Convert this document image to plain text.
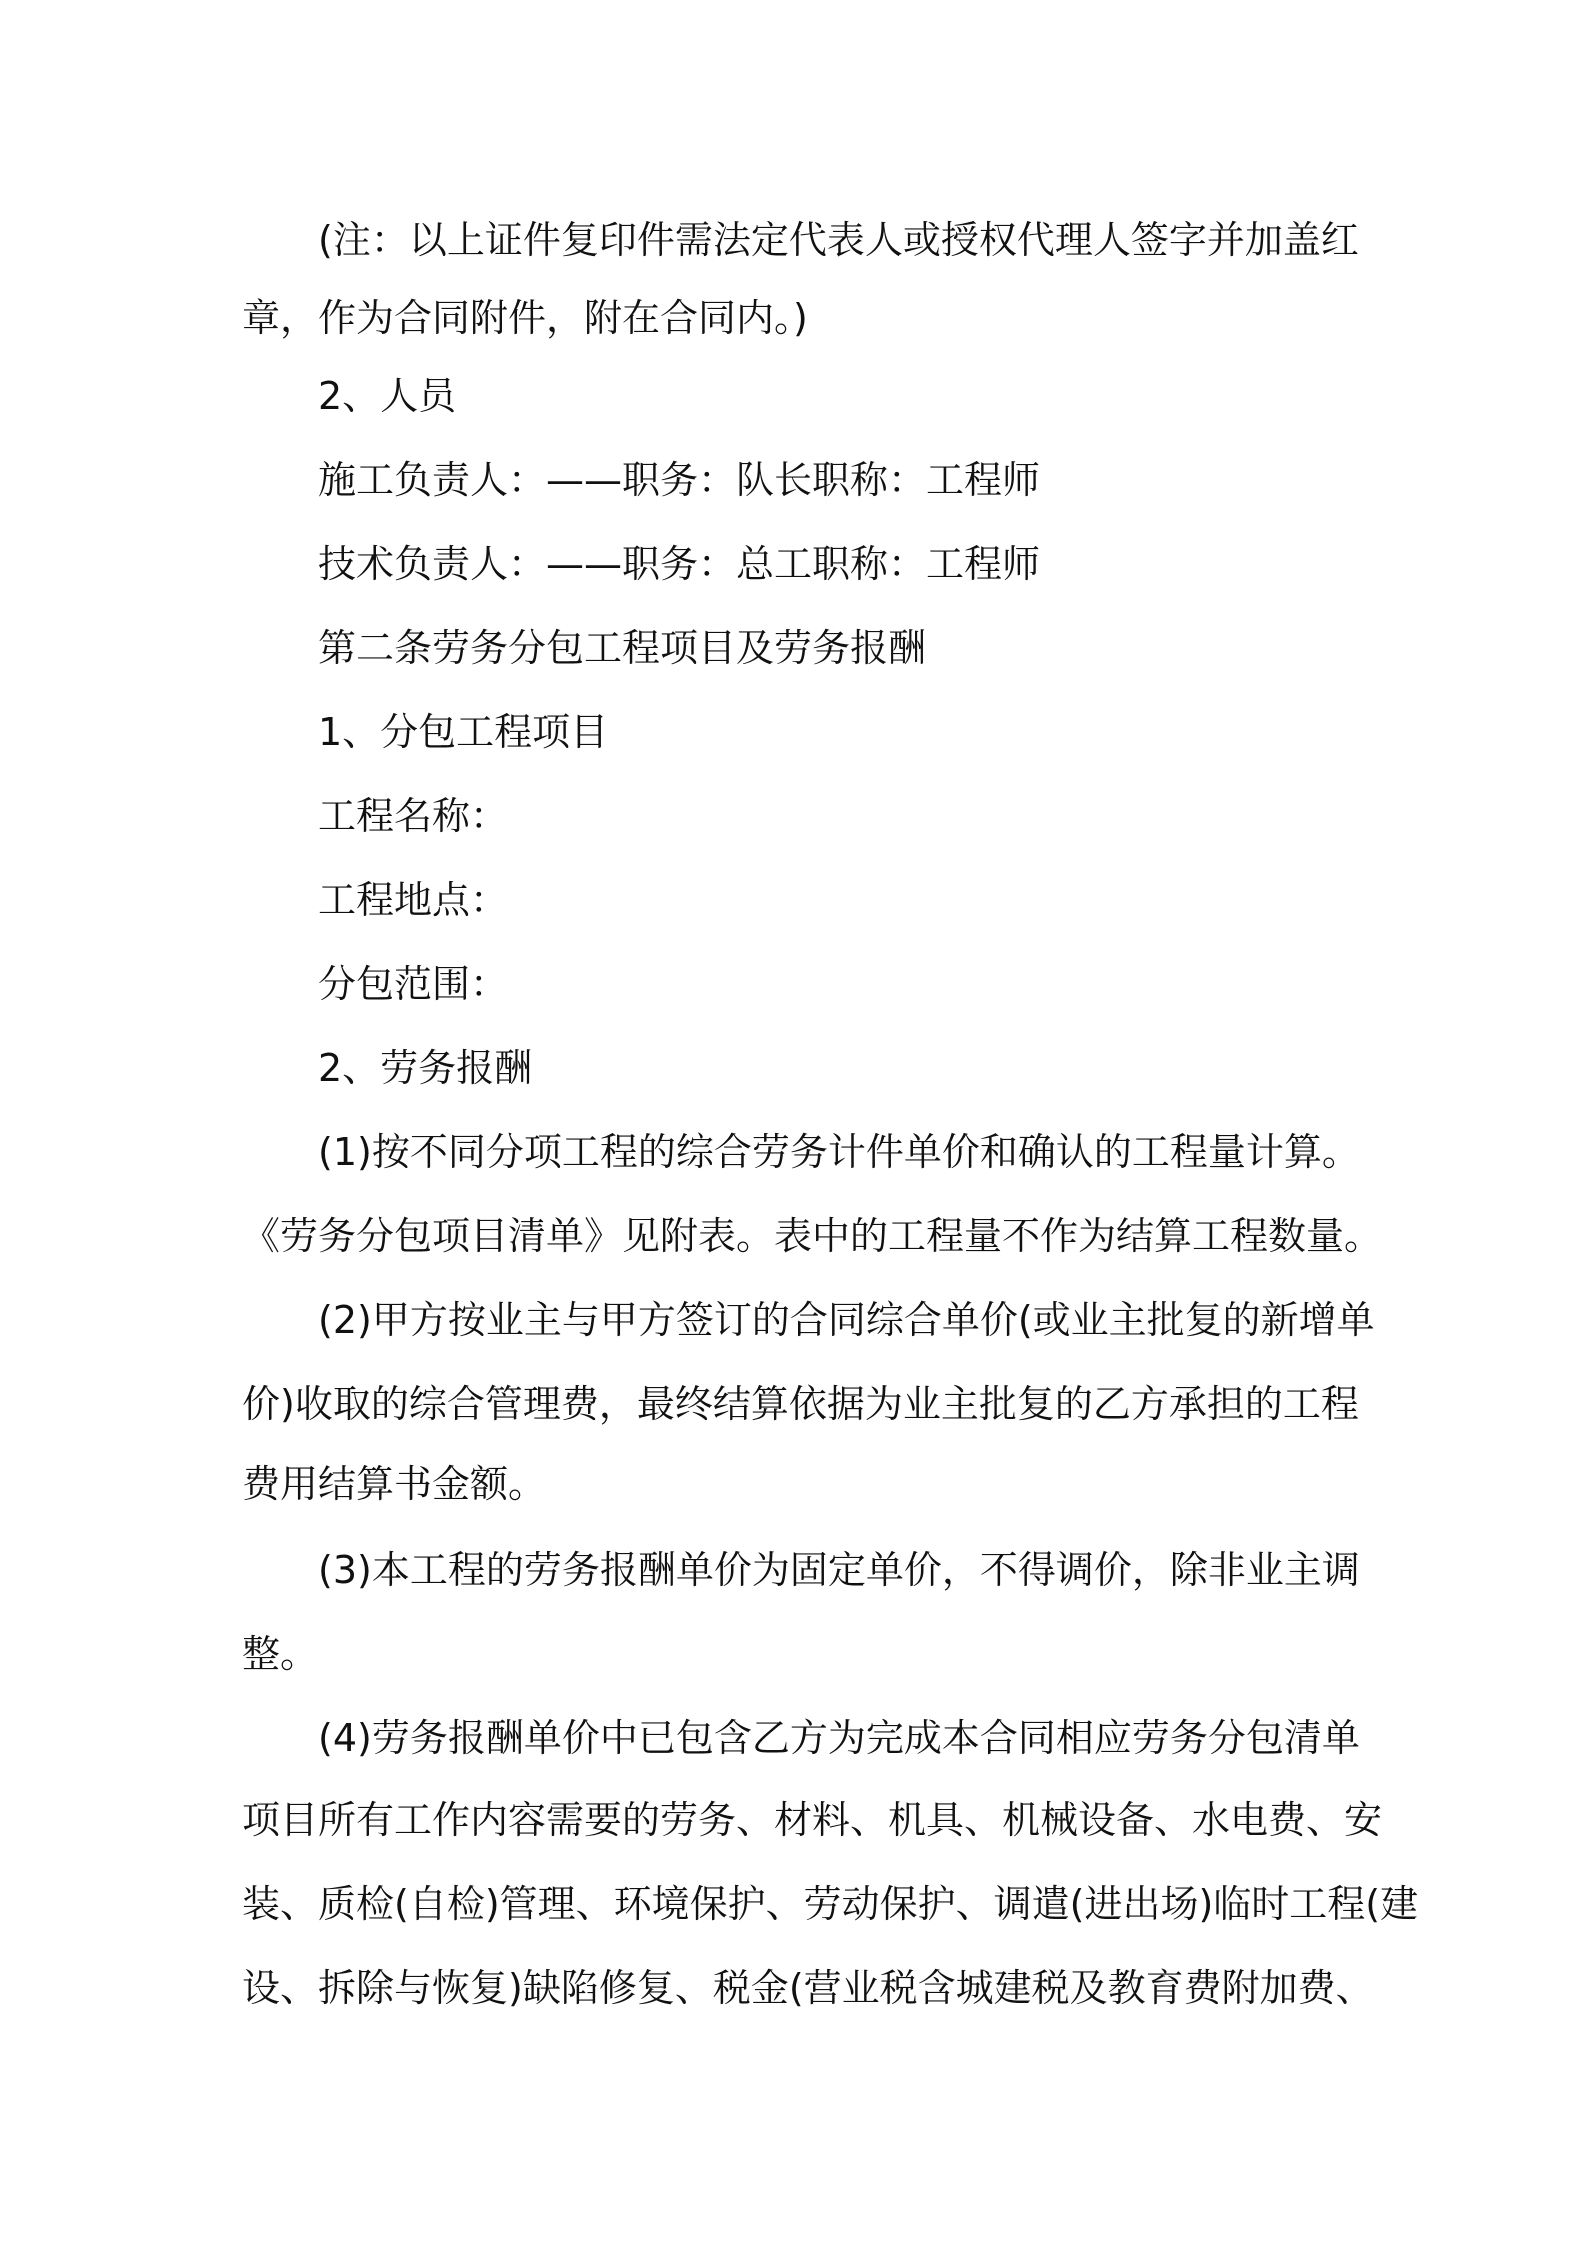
(注：以上证件复印件需法定代表人或授权代理人签字并加盖红
章，作为合同附件，附在合同内。)
2、人员
施工负责人：——职务：队长职称：工程师
技术负责人：——职务：总工职称：工程师
第二条劳务分包工程项目及劳务报酬
1、分包工程项目
工程名称：
工程地点：
分包范围：
2、劳务报酬
(1)按不同分项工程的综合劳务计件单价和确认的工程量计算。
《劳务分包项目清单》见附表。表中的工程量不作为结算工程数量。
(2)甲方按业主与甲方签订的合同综合单价(或业主批复的新增单
价)收取的综合管理费，最终结算依据为业主批复的乙方承担的工程
费用结算书金额。
(3)本工程的劳务报酬单价为固定单价，不得调价，除非业主调
整。
(4)劳务报酬单价中已包含乙方为完成本合同相应劳务分包清单
项目所有工作内容需要的劳务、材料、机具、机械设备、水电费、安
装、质检(自检)管理、环境保护、劳动保护、调遣(进出场)临时工程(建
设、拆除与恢复)缺陷修复、税金(营业税含城建税及教育费附加费、
